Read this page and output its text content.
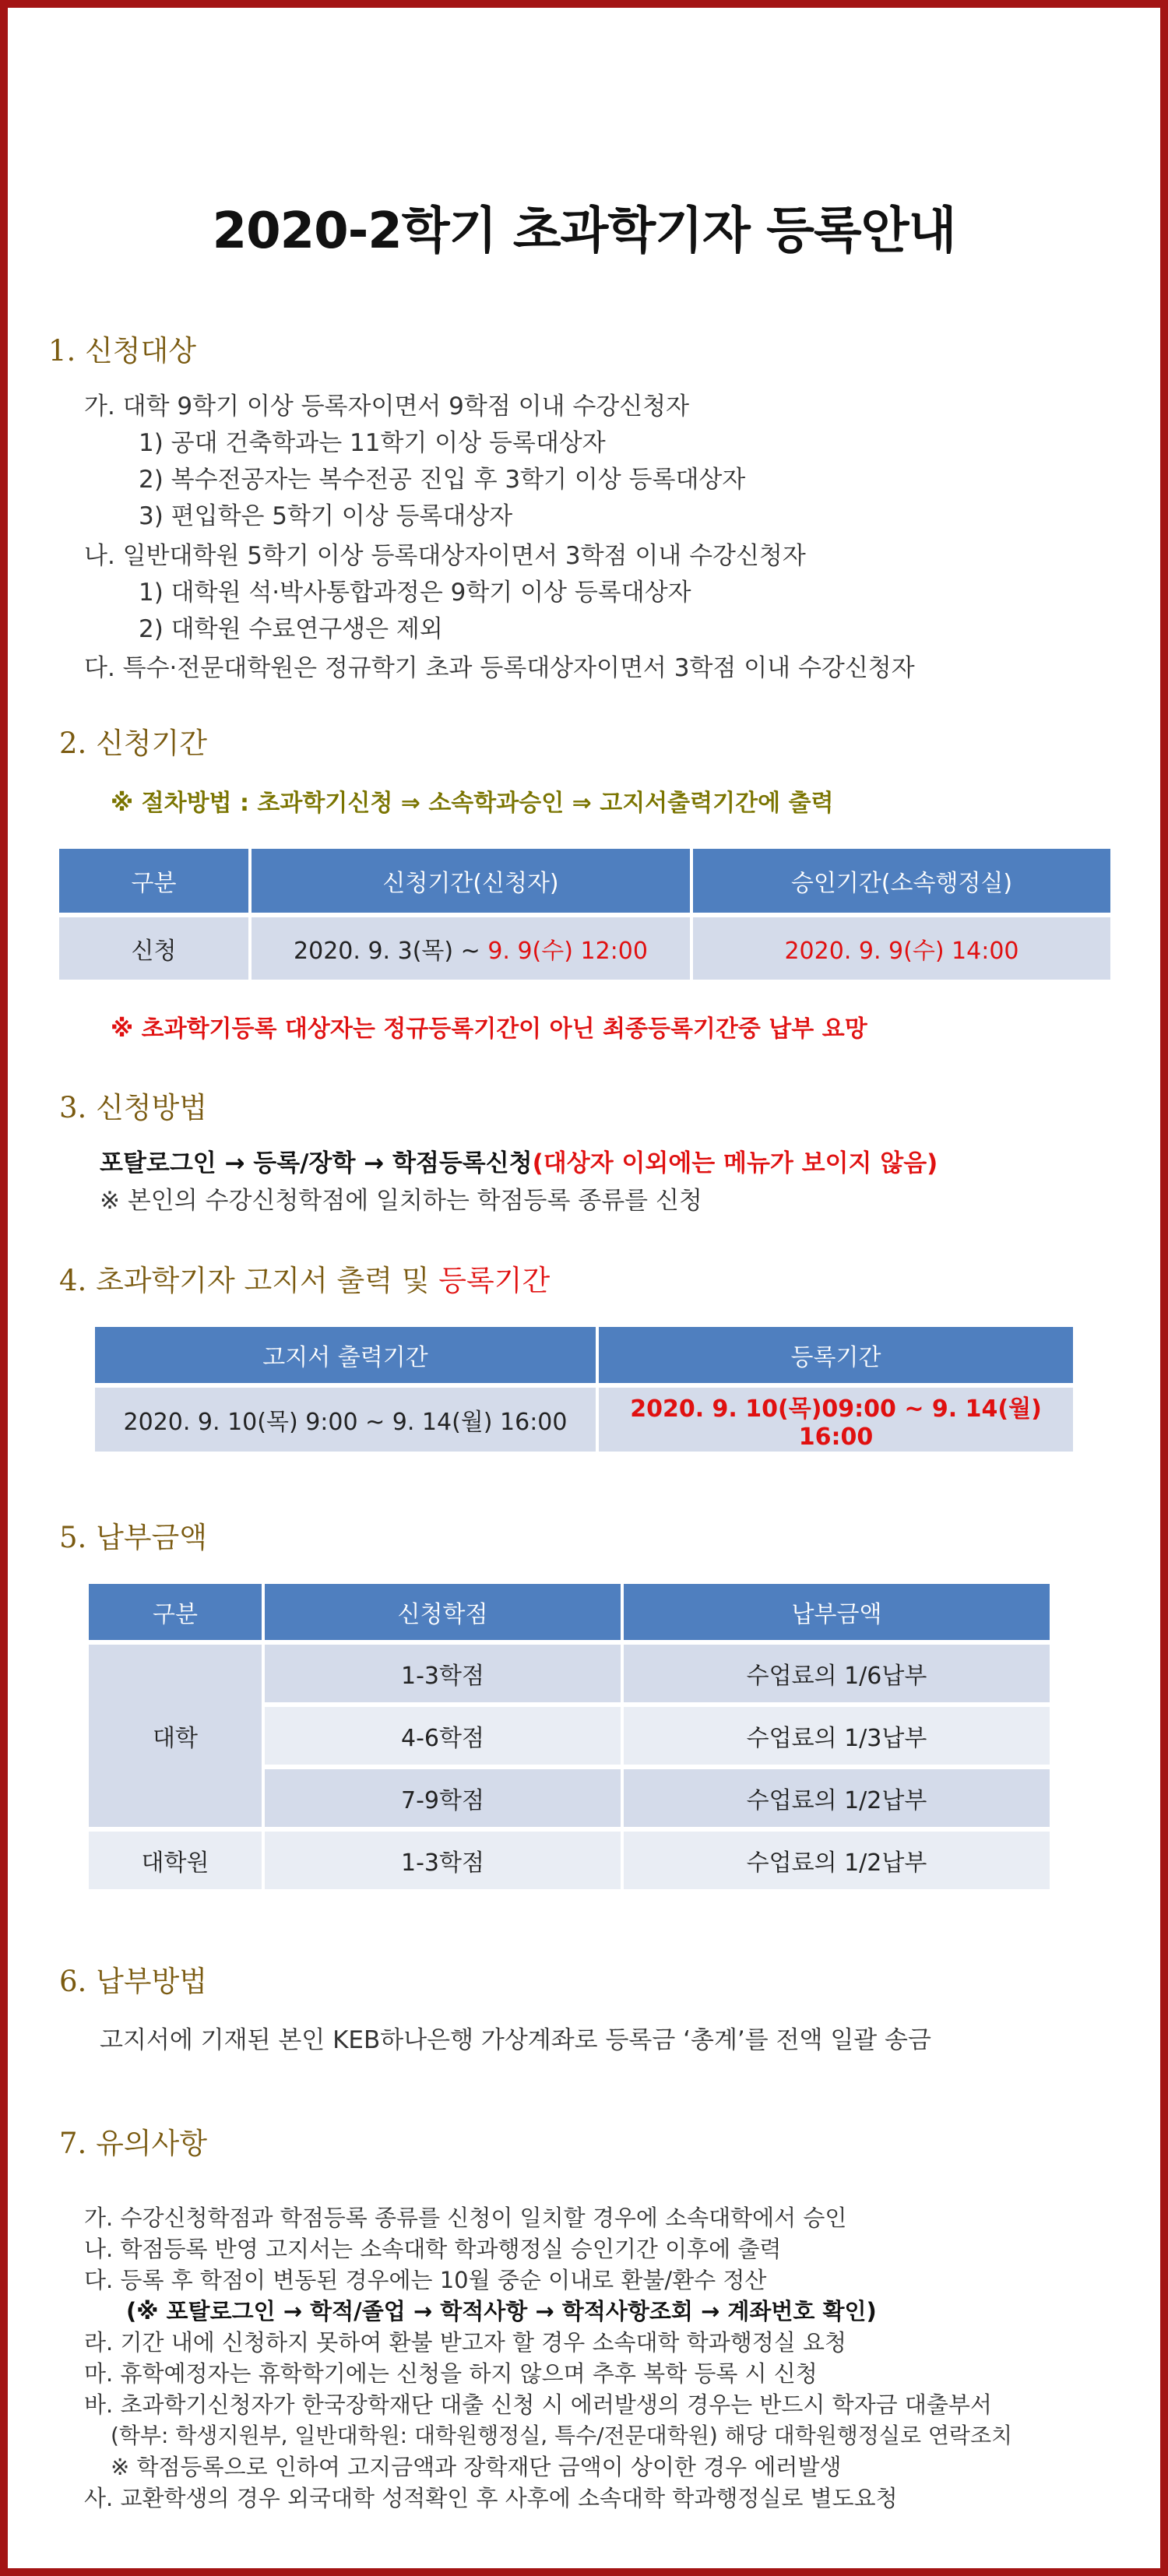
2020-2학기 초과학기자 등록안내
1. 신청대상
가. 대학 9학기 이상 등록자이면서 9학점 이내 수강신청자
1) 공대 건축학과는 11학기 이상 등록대상자
2) 복수전공자는 복수전공 진입 후 3학기 이상 등록대상자
3) 편입학은 5학기 이상 등록대상자
나. 일반대학원 5학기 이상 등록대상자이면서 3학점 이내 수강신청자
1) 대학원 석·박사통합과정은 9학기 이상 등록대상자
2) 대학원 수료연구생은 제외
다. 특수·전문대학원은 정규학기 초과 등록대상자이면서 3학점 이내 수강신청자
2. 신청기간
※ 절차방법 : 초과학기신청 ⇒ 소속학과승인 ⇒ 고지서출력기간에 출력
구분	신청기간(신청자)	승인기간(소속행정실)
신청	2020. 9. 3(목) ~ 9. 9(수) 12:00	2020. 9. 9(수) 14:00
※ 초과학기등록 대상자는 정규등록기간이 아닌 최종등록기간중 납부 요망
3. 신청방법
포탈로그인 → 등록/장학 → 학점등록신청(대상자 이외에는 메뉴가 보이지 않음)
※ 본인의 수강신청학점에 일치하는 학점등록 종류를 신청
4. 초과학기자 고지서 출력 및 등록기간
고지서 출력기간	등록기간
2020. 9. 10(목) 9:00 ~ 9. 14(월) 16:00	2020. 9. 10(목)09:00 ~ 9. 14(월) 16:00
5. 납부금액
구분	신청학점	납부금액
대학	1-3학점	수업료의 1/6납부
	4-6학점	수업료의 1/3납부
	7-9학점	수업료의 1/2납부
대학원	1-3학점	수업료의 1/2납부
6. 납부방법
고지서에 기재된 본인 KEB하나은행 가상계좌로 등록금 ‘총계’를 전액 일괄 송금
7. 유의사항
가. 수강신청학점과 학점등록 종류를 신청이 일치할 경우에 소속대학에서 승인
나. 학점등록 반영 고지서는 소속대학 학과행정실 승인기간 이후에 출력
다. 등록 후 학점이 변동된 경우에는 10월 중순 이내로 환불/환수 정산
(※ 포탈로그인 → 학적/졸업 → 학적사항 → 학적사항조회 → 계좌번호 확인)
라. 기간 내에 신청하지 못하여 환불 받고자 할 경우 소속대학 학과행정실 요청
마. 휴학예정자는 휴학학기에는 신청을 하지 않으며 추후 복학 등록 시 신청
바. 초과학기신청자가 한국장학재단 대출 신청 시 에러발생의 경우는 반드시 학자금 대출부서
(학부: 학생지원부, 일반대학원: 대학원행정실, 특수/전문대학원) 해당 대학원행정실로 연락조치
※ 학점등록으로 인하여 고지금액과 장학재단 금액이 상이한 경우 에러발생
사. 교환학생의 경우 외국대학 성적확인 후 사후에 소속대학 학과행정실로 별도요청
